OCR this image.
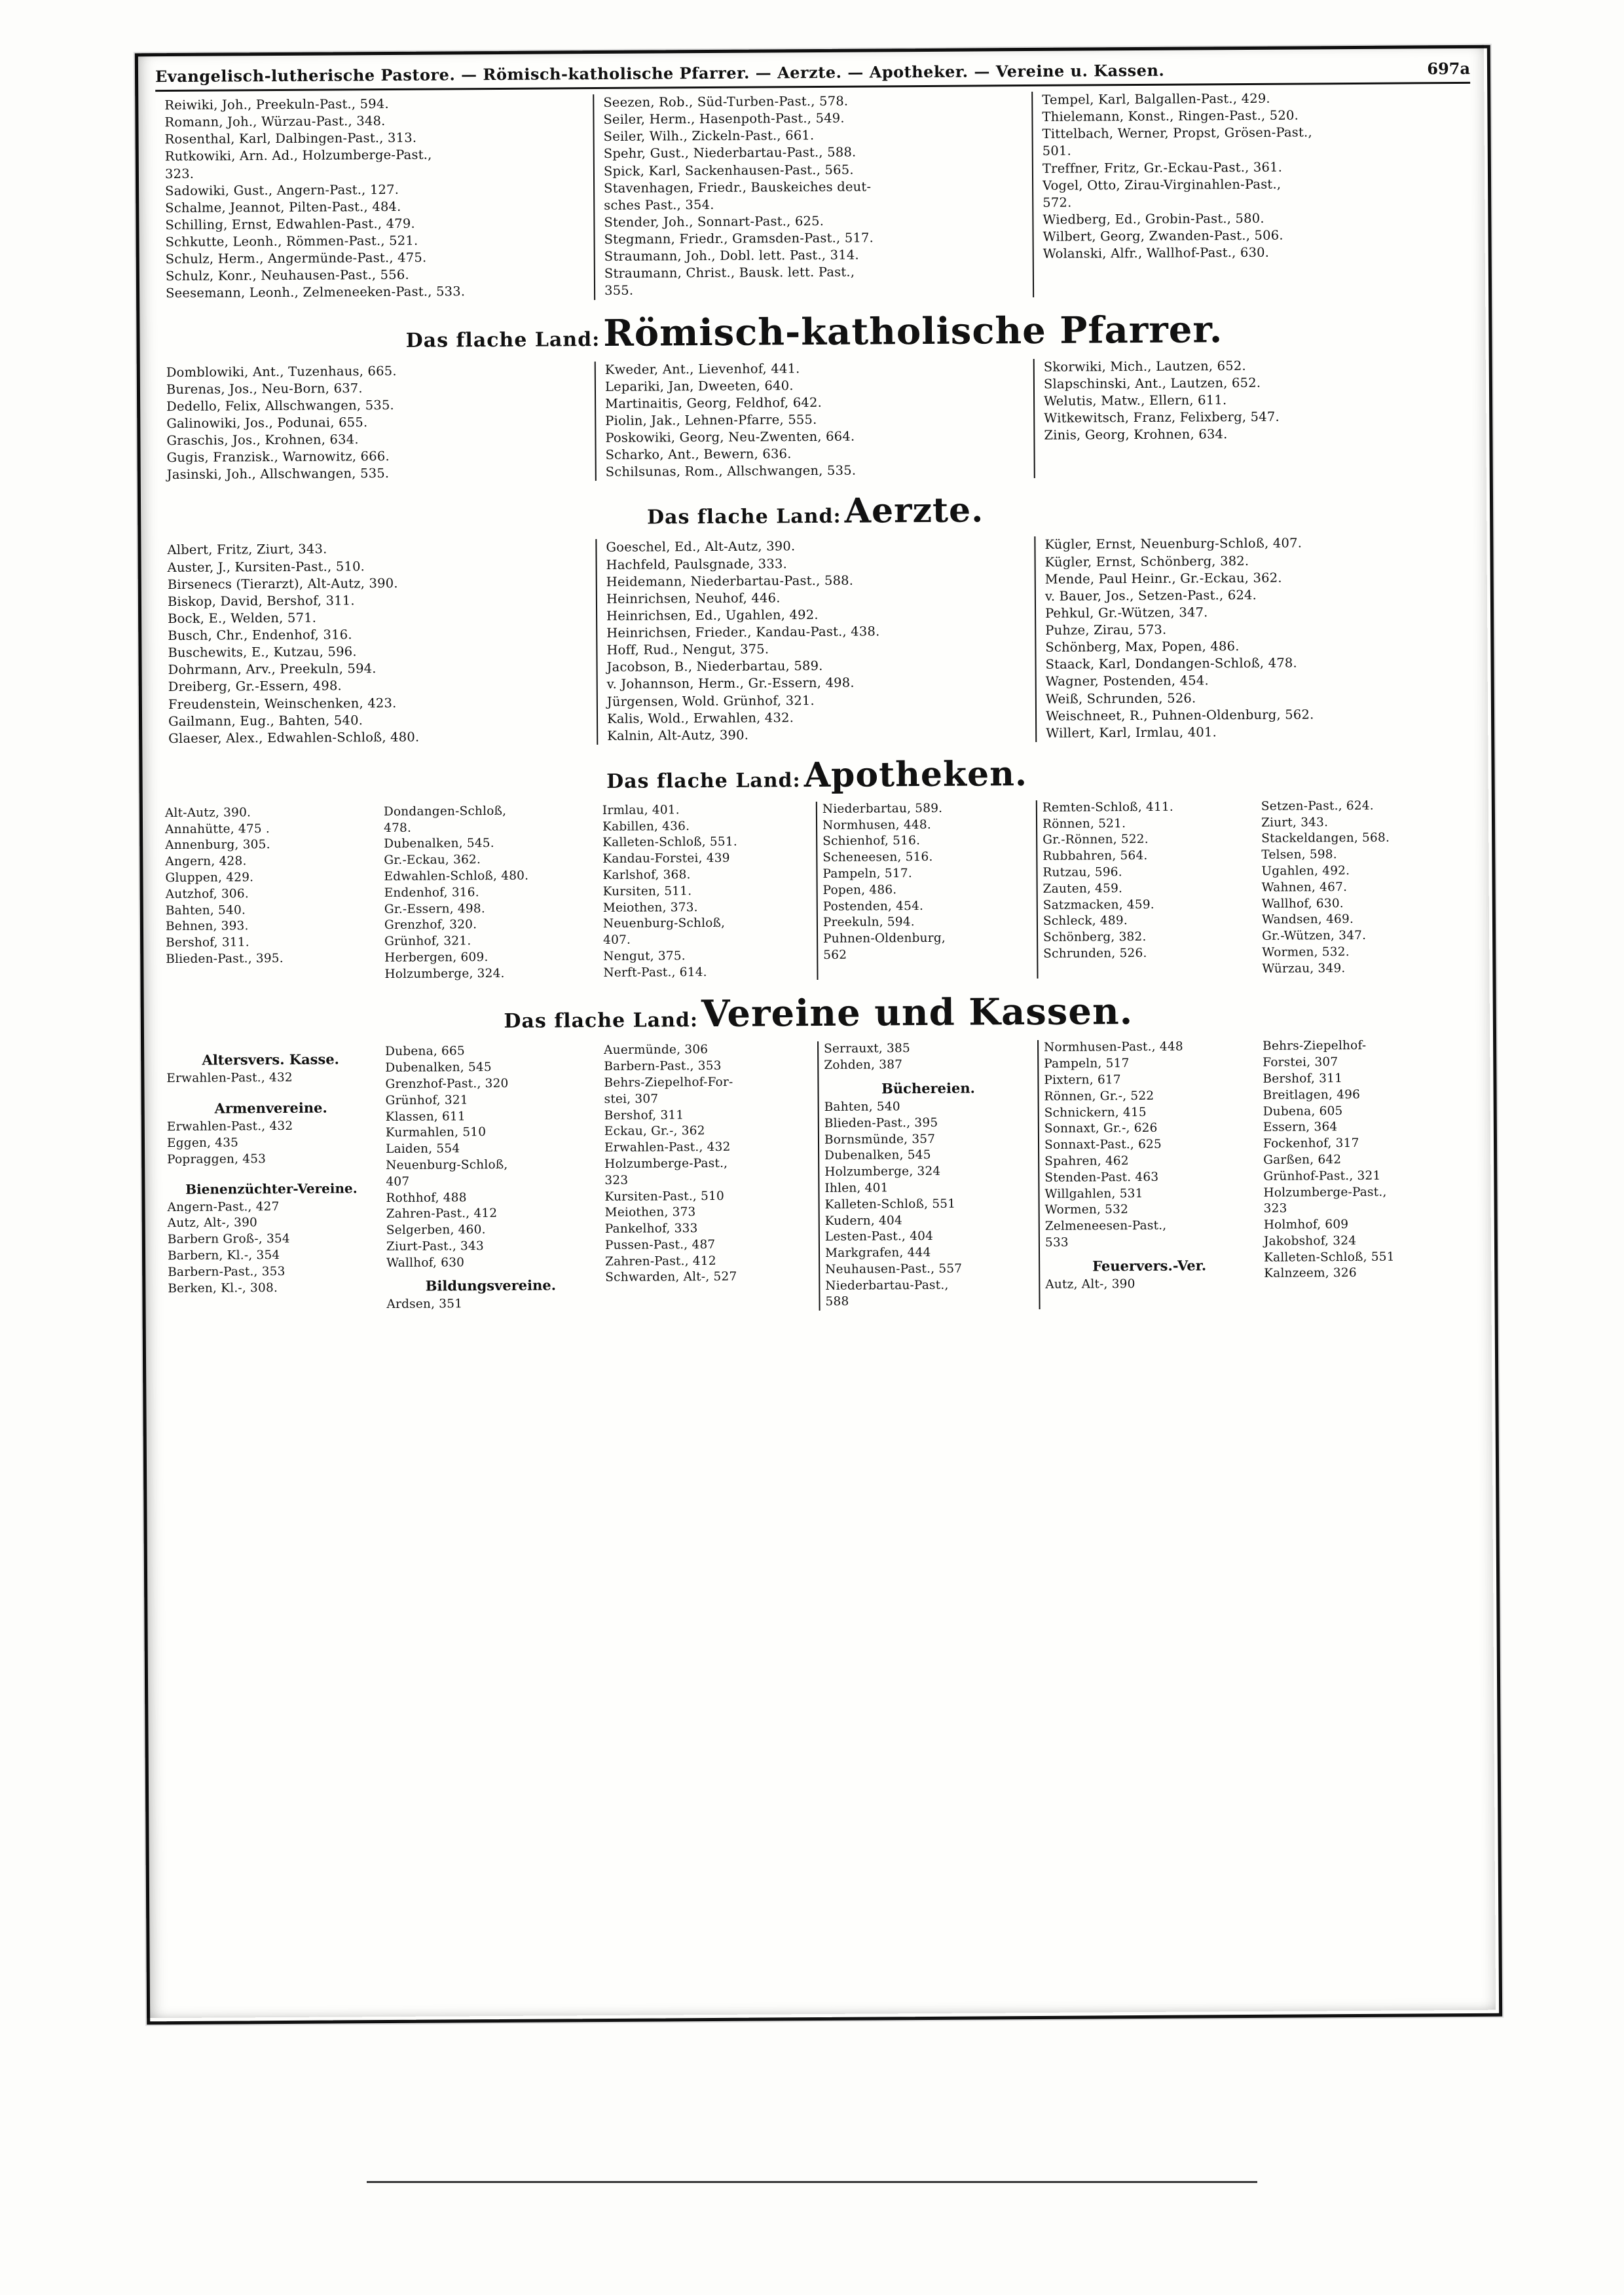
Evangelisch-lutherische Pastore. — Römisch-katholische Pfarrer. — Aerzte. — Apotheker. — Vereine u. Kassen.	697a
Reiwiki, Joh., Preekuln-Past., 594.
Romann, Joh., Würzau-Past., 348.
Rosenthal, Karl, Dalbingen-Past., 313.
Rutkowiki, Arn. Ad., Holzumberge-Past.,
323.
Sadowiki, Gust., Angern-Past., 127.
Schalme, Jeannot, Pilten-Past., 484.
Schilling, Ernst, Edwahlen-Past., 479.
Schkutte, Leonh., Römmen-Past., 521.
Schulz, Herm., Angermünde-Past., 475.
Schulz, Konr., Neuhausen-Past., 556.
Seesemann, Leonh., Zelmeneeken-Past., 533.
Seezen, Rob., Süd-Turben-Past., 578.
Seiler, Herm., Hasenpoth-Past., 549.
Seiler, Wilh., Zickeln-Past., 661.
Spehr, Gust., Niederbartau-Past., 588.
Spick, Karl, Sackenhausen-Past., 565.
Stavenhagen, Friedr., Bauskeiches deut-
sches Past., 354.
Stender, Joh., Sonnart-Past., 625.
Stegmann, Friedr., Gramsden-Past., 517.
Straumann, Joh., Dobl. lett. Past., 314.
Straumann, Christ., Bausk. lett. Past.,
355.
Tempel, Karl, Balgallen-Past., 429.
Thielemann, Konst., Ringen-Past., 520.
Tittelbach, Werner, Propst, Grösen-Past.,
501.
Treffner, Fritz, Gr.-Eckau-Past., 361.
Vogel, Otto, Zirau-Virginahlen-Past.,
572.
Wiedberg, Ed., Grobin-Past., 580.
Wilbert, Georg, Zwanden-Past., 506.
Wolanski, Alfr., Wallhof-Past., 630.
Das flache Land: Römisch-katholische Pfarrer.
Domblowiki, Ant., Tuzenhaus, 665.
Burenas, Jos., Neu-Born, 637.
Dedello, Felix, Allschwangen, 535.
Galinowiki, Jos., Podunai, 655.
Graschis, Jos., Krohnen, 634.
Gugis, Franzisk., Warnowitz, 666.
Jasinski, Joh., Allschwangen, 535.
Kweder, Ant., Lievenhof, 441.
Lepariki, Jan, Dweeten, 640.
Martinaitis, Georg, Feldhof, 642.
Piolin, Jak., Lehnen-Pfarre, 555.
Poskowiki, Georg, Neu-Zwenten, 664.
Scharko, Ant., Bewern, 636.
Schilsunas, Rom., Allschwangen, 535.
Skorwiki, Mich., Lautzen, 652.
Slapschinski, Ant., Lautzen, 652.
Welutis, Matw., Ellern, 611.
Witkewitsch, Franz, Felixberg, 547.
Zinis, Georg, Krohnen, 634.
Das flache Land: Aerzte.
Albert, Fritz, Ziurt, 343.
Auster, J., Kursiten-Past., 510.
Birsenecs (Tierarzt), Alt-Autz, 390.
Biskop, David, Bershof, 311.
Bock, E., Welden, 571.
Busch, Chr., Endenhof, 316.
Buschewits, E., Kutzau, 596.
Dohrmann, Arv., Preekuln, 594.
Dreiberg, Gr.-Essern, 498.
Freudenstein, Weinschenken, 423.
Gailmann, Eug., Bahten, 540.
Glaeser, Alex., Edwahlen-Schloß, 480.
Goeschel, Ed., Alt-Autz, 390.
Hachfeld, Paulsgnade, 333.
Heidemann, Niederbartau-Past., 588.
Heinrichsen, Neuhof, 446.
Heinrichsen, Ed., Ugahlen, 492.
Heinrichsen, Frieder., Kandau-Past., 438.
Hoff, Rud., Nengut, 375.
Jacobson, B., Niederbartau, 589.
v. Johannson, Herm., Gr.-Essern, 498.
Jürgensen, Wold. Grünhof, 321.
Kalis, Wold., Erwahlen, 432.
Kalnin, Alt-Autz, 390.
Kügler, Ernst, Neuenburg-Schloß, 407.
Kügler, Ernst, Schönberg, 382.
Mende, Paul Heinr., Gr.-Eckau, 362.
v. Bauer, Jos., Setzen-Past., 624.
Pehkul, Gr.-Wützen, 347.
Puhze, Zirau, 573.
Schönberg, Max, Popen, 486.
Staack, Karl, Dondangen-Schloß, 478.
Wagner, Postenden, 454.
Weiß, Schrunden, 526.
Weischneet, R., Puhnen-Oldenburg, 562.
Willert, Karl, Irmlau, 401.
Das flache Land: Apotheken.
Alt-Autz, 390.
Annahütte, 475 .
Annenburg, 305.
Angern, 428.
Gluppen, 429.
Autzhof, 306.
Bahten, 540.
Behnen, 393.
Bershof, 311.
Blieden-Past., 395.
Dondangen-Schloß,
478.
Dubenalken, 545.
Gr.-Eckau, 362.
Edwahlen-Schloß, 480.
Endenhof, 316.
Gr.-Essern, 498.
Grenzhof, 320.
Grünhof, 321.
Herbergen, 609.
Holzumberge, 324.
Irmlau, 401.
Kabillen, 436.
Kalleten-Schloß, 551.
Kandau-Forstei, 439
Karlshof, 368.
Kursiten, 511.
Meiothen, 373.
Neuenburg-Schloß,
407.
Nengut, 375.
Nerft-Past., 614.
Niederbartau, 589.
Normhusen, 448.
Schienhof, 516.
Scheneesen, 516.
Pampeln, 517.
Popen, 486.
Postenden, 454.
Preekuln, 594.
Puhnen-Oldenburg,
562
Remten-Schloß, 411.
Rönnen, 521.
Gr.-Rönnen, 522.
Rubbahren, 564.
Rutzau, 596.
Zauten, 459.
Satzmacken, 459.
Schleck, 489.
Schönberg, 382.
Schrunden, 526.
Setzen-Past., 624.
Ziurt, 343.
Stackeldangen, 568.
Telsen, 598.
Ugahlen, 492.
Wahnen, 467.
Wallhof, 630.
Wandsen, 469.
Gr.-Wützen, 347.
Wormen, 532.
Würzau, 349.
Das flache Land: Vereine und Kassen.
Altersvers. Kasse.
Erwahlen-Past., 432
Armenvereine.
Erwahlen-Past., 432
Eggen, 435
Popraggen, 453
Bienenzüchter-Vereine.
Angern-Past., 427
Autz, Alt-, 390
Barbern Groß-, 354
Barbern, Kl.-, 354
Barbern-Past., 353
Berken, Kl.-, 308.
Dubena, 665
Dubenalken, 545
Grenzhof-Past., 320
Grünhof, 321
Klassen, 611
Kurmahlen, 510
Laiden, 554
Neuenburg-Schloß,
407
Rothhof, 488
Zahren-Past., 412
Selgerben, 460.
Ziurt-Past., 343
Wallhof, 630
Bildungsvereine.
Ardsen, 351
Auermünde, 306
Barbern-Past., 353
Behrs-Ziepelhof-For-
stei, 307
Bershof, 311
Eckau, Gr.-, 362
Erwahlen-Past., 432
Holzumberge-Past.,
323
Kursiten-Past., 510
Meiothen, 373
Pankelhof, 333
Pussen-Past., 487
Zahren-Past., 412
Schwarden, Alt-, 527
Serrauxt, 385
Zohden, 387
Büchereien.
Bahten, 540
Blieden-Past., 395
Bornsmünde, 357
Dubenalken, 545
Holzumberge, 324
Ihlen, 401
Kalleten-Schloß, 551
Kudern, 404
Lesten-Past., 404
Markgrafen, 444
Neuhausen-Past., 557
Niederbartau-Past.,
588
Normhusen-Past., 448
Pampeln, 517
Pixtern, 617
Rönnen, Gr.-, 522
Schnickern, 415
Sonnaxt, Gr.-, 626
Sonnaxt-Past., 625
Spahren, 462
Stenden-Past. 463
Willgahlen, 531
Wormen, 532
Zelmeneesen-Past.,
533
Feuervers.-Ver.
Autz, Alt-, 390
Behrs-Ziepelhof-
Forstei, 307
Bershof, 311
Breitlagen, 496
Dubena, 605
Essern, 364
Fockenhof, 317
Garßen, 642
Grünhof-Past., 321
Holzumberge-Past.,
323
Holmhof, 609
Jakobshof, 324
Kalleten-Schloß, 551
Kalnzeem, 326
